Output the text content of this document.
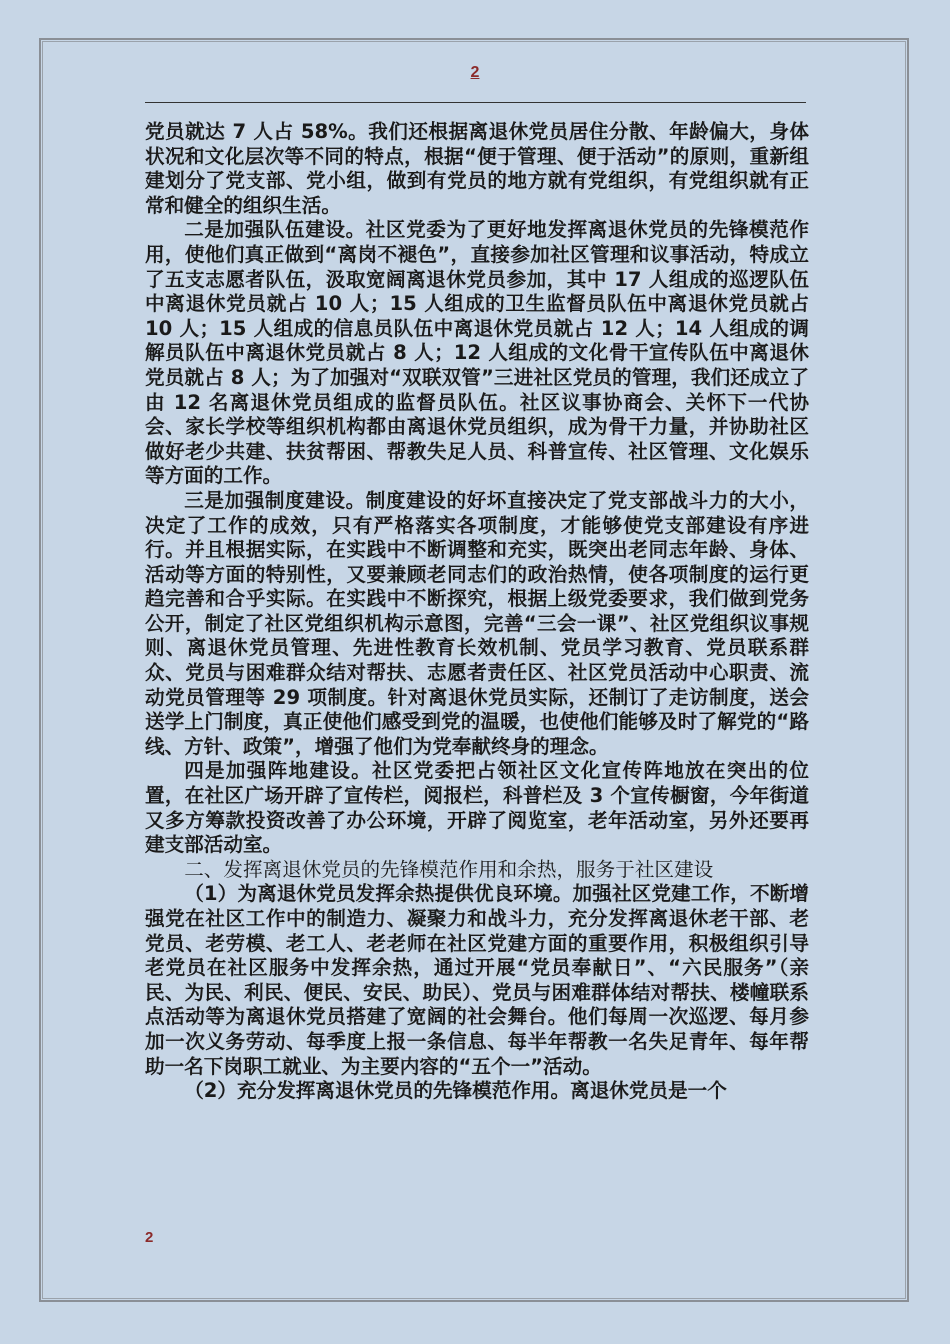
2

党员就达 7 人占 58%。我们还根据离退休党员居住分散、年龄偏大，身体状况和文化层次等不同的特点，根据“便于管理、便于活动”的原则，重新组建划分了党支部、党小组，做到有党员的地方就有党组织，有党组织就有正常和健全的组织生活。

二是加强队伍建设。社区党委为了更好地发挥离退休党员的先锋模范作用，使他们真正做到“离岗不褪色”，直接参加社区管理和议事活动，特成立了五支志愿者队伍，汲取宽阔离退休党员参加，其中 17 人组成的巡逻队伍中离退休党员就占 10 人；15 人组成的卫生监督员队伍中离退休党员就占 10 人；15 人组成的信息员队伍中离退休党员就占 12 人；14 人组成的调解员队伍中离退休党员就占 8 人；12 人组成的文化骨干宣传队伍中离退休党员就占 8 人；为了加强对“双联双管”三进社区党员的管理，我们还成立了由 12 名离退休党员组成的监督员队伍。社区议事协商会、关怀下一代协会、家长学校等组织机构都由离退休党员组织，成为骨干力量，并协助社区做好老少共建、扶贫帮困、帮教失足人员、科普宣传、社区管理、文化娱乐等方面的工作。

三是加强制度建设。制度建设的好坏直接决定了党支部战斗力的大小，决定了工作的成效，只有严格落实各项制度，才能够使党支部建设有序进行。并且根据实际，在实践中不断调整和充实，既突出老同志年龄、身体、活动等方面的特别性，又要兼顾老同志们的政治热情，使各项制度的运行更趋完善和合乎实际。在实践中不断探究，根据上级党委要求，我们做到党务公开，制定了社区党组织机构示意图，完善“三会一课”、社区党组织议事规则、离退休党员管理、先进性教育长效机制、党员学习教育、党员联系群众、党员与困难群众结对帮扶、志愿者责任区、社区党员活动中心职责、流动党员管理等 29 项制度。针对离退休党员实际，还制订了走访制度，送会送学上门制度，真正使他们感受到党的温暖，也使他们能够及时了解党的“路线、方针、政策”，增强了他们为党奉献终身的理念。

四是加强阵地建设。社区党委把占领社区文化宣传阵地放在突出的位置，在社区广场开辟了宣传栏，阅报栏，科普栏及 3 个宣传橱窗，今年街道又多方筹款投资改善了办公环境，开辟了阅览室，老年活动室，另外还要再建支部活动室。

二、发挥离退休党员的先锋模范作用和余热，服务于社区建设

（1）为离退休党员发挥余热提供优良环境。加强社区党建工作，不断增强党在社区工作中的制造力、凝聚力和战斗力，充分发挥离退休老干部、老党员、老劳模、老工人、老老师在社区党建方面的重要作用，积极组织引导老党员在社区服务中发挥余热，通过开展“党员奉献日”、“六民服务”（亲民、为民、利民、便民、安民、助民）、党员与困难群体结对帮扶、楼幢联系点活动等为离退休党员搭建了宽阔的社会舞台。他们每周一次巡逻、每月参加一次义务劳动、每季度上报一条信息、每半年帮教一名失足青年、每年帮助一名下岗职工就业、为主要内容的“五个一”活动。

（2）充分发挥离退休党员的先锋模范作用。离退休党员是一个

2
